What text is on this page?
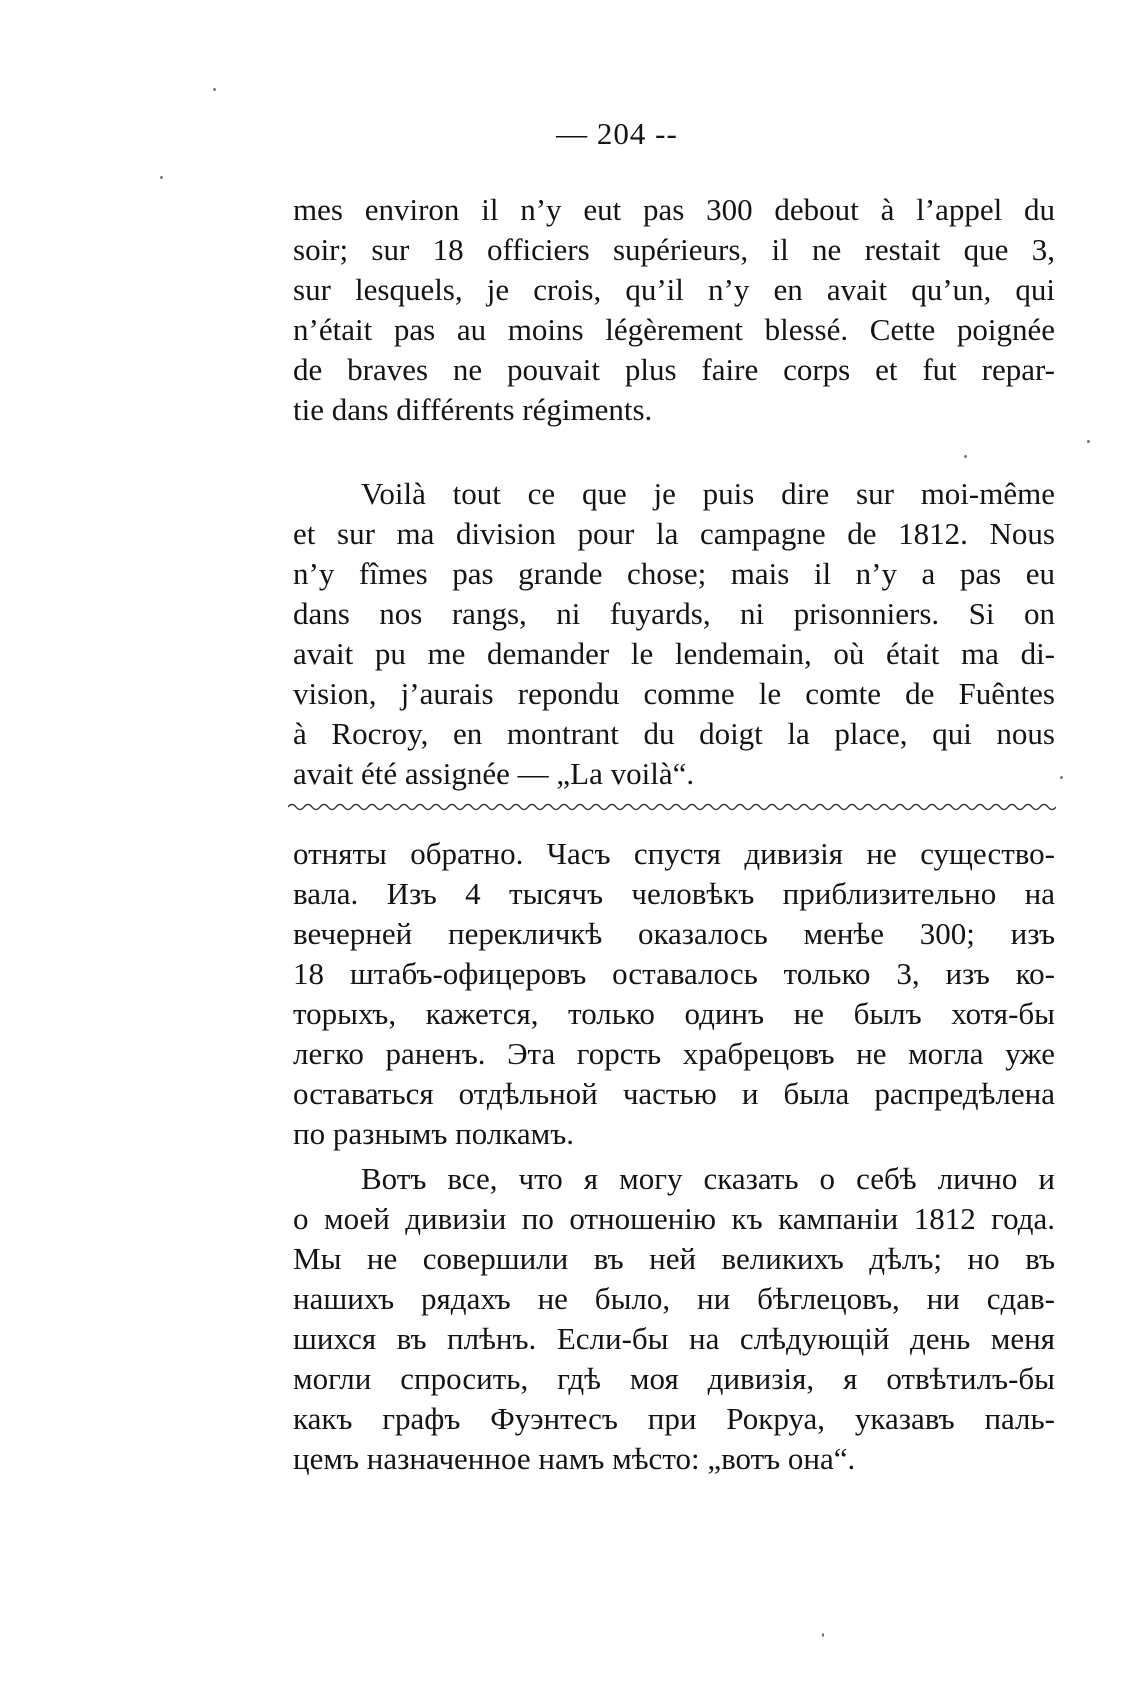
— 204 --
mes environ il n’y eut pas 300 debout à l’appel du
soir; sur 18 officiers supérieurs, il ne restait que 3,
sur lesquels, je crois, qu’il n’y en avait qu’un, qui
n’était pas au moins légèrement blessé. Cette poignée
de braves ne pouvait plus faire corps et fut repar-
tie dans différents régiments.
Voilà tout ce que je puis dire sur moi-même
et sur ma division pour la campagne de 1812. Nous
n’y fîmes pas grande chose; mais il n’y a pas eu
dans nos rangs, ni fuyards, ni prisonniers. Si on
avait pu me demander le lendemain, où était ma di-
vision, j’aurais repondu comme le comte de Fuêntes
à Rocroy, en montrant du doigt la place, qui nous
avait été assignée — „La voilà“.
отняты обратно. Часъ спустя дивизія не существо-
вала. Изъ 4 тысячъ человѣкъ приблизительно на
вечерней перекличкѣ оказалось менѣе 300; изъ
18 штабъ-офицеровъ оставалось только 3, изъ ко-
торыхъ, кажется, только одинъ не былъ хотя-бы
легко раненъ. Эта горсть храбрецовъ не могла уже
оставаться отдѣльной частью и была распредѣлена
по разнымъ полкамъ.
Вотъ все, что я могу сказать о себѣ лично и
о моей дивизіи по отношенію къ кампаніи 1812 года.
Мы не совершили въ ней великихъ дѣлъ; но въ
нашихъ рядахъ не было, ни бѣглецовъ, ни сдав-
шихся въ плѣнъ. Если-бы на слѣдующій день меня
могли спросить, гдѣ моя дивизія, я отвѣтилъ-бы
какъ графъ Фуэнтесъ при Рокруа, указавъ паль-
цемъ назначенное намъ мѣсто: „вотъ она“.
